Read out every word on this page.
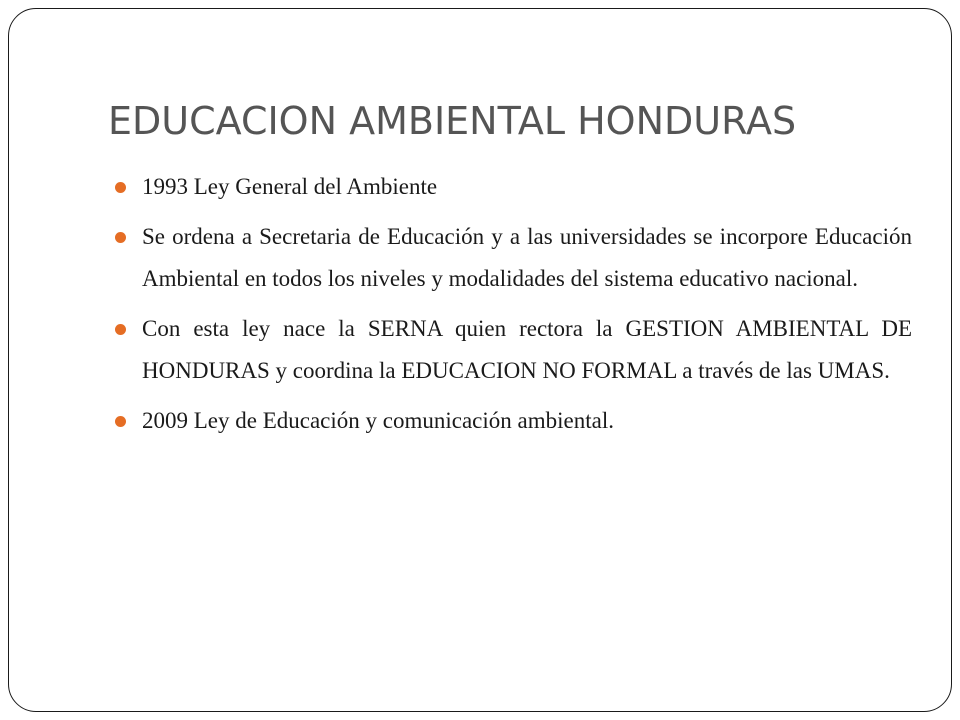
EDUCACION AMBIENTAL HONDURAS
1993 Ley General del Ambiente
Se ordena a Secretaria de Educación y a las universidades se incorpore Educación Ambiental en todos los niveles y modalidades del sistema educativo nacional.
Con esta ley nace la SERNA quien rectora la GESTION AMBIENTAL DE HONDURAS y coordina la EDUCACION NO FORMAL a través de las UMAS.
2009 Ley de Educación y comunicación ambiental.
